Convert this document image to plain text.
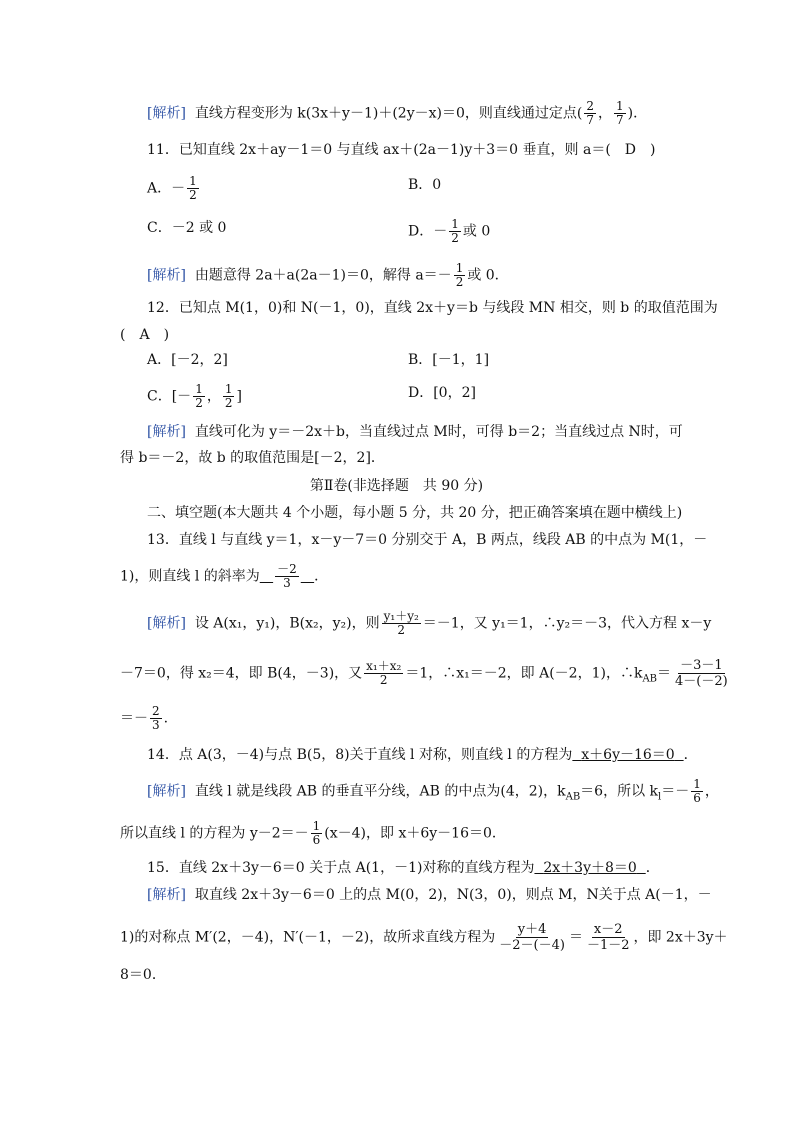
[解析] 直线方程变形为 k(3x＋y－1)＋(2y－x)＝0，则直线通过定点( $\frac{2}{7}$ ， $\frac{1}{7}$ )．
11．已知直线 2x＋ay－1＝0 与直线 ax＋(2a－1)y＋3＝0 垂直，则 a＝(　D　)
A．－ $\frac{1}{2}$	B．0
C．－2 或 0	D．－ $\frac{1}{2}$ 或 0
[解析] 由题意得 2a＋a(2a－1)＝0，解得 $a=- \frac{1}{2}$ 或 0．
12．已知点 M(1，0)和 N(－1，0)，直线 2x＋y＝b 与线段 MN 相交，则 b 的取值范围为
(　A　)
A．[－2，2]	B．[－1，1]
C．[－ $\frac{1}{2}$ ， $\frac{1}{2}$ ]	D．[0，2]
[解析] 直线可化为 y＝－2x＋b，当直线过点 M时，可得 b＝2；当直线过点 N时，可
得 b＝－2，故 b 的取值范围是[－2，2]．
第Ⅱ卷(非选择题　共 90 分)
二、填空题(本大题共 4 个小题，每小题 5 分，共 20 分，把正确答案填在题中横线上)
13．直线 l 与直线 y＝1，x－y－7＝0 分别交于 A，B 两点，线段 AB 的中点为 M(1，－
1)，则直线 l 的斜率为 $\frac{-2}{3}$ ．
[解析] 设 A(x₁，y₁)，B(x₂，y₂)，则 $\frac{\text{y₁＋y₂}}{2} =-1$，又 y₁＝1，∴y₂＝－3，代入方程 x－y
－7＝0，得 x₂＝4，即 B(4，－3)，又 $\frac{\text{x₁＋x₂}}{2} =1$，∴x₁＝－2，即 A(－2，1)，$\therefore k_{AB}= \frac{-3-1}{4-(-2)}$
＝－ $\frac{2}{3}$ .
14．点 A(3，－4)与点 B(5，8)关于直线 l 对称，则直线 l 的方程为 x＋6y－16＝0 ．
[解析] 直线 l 就是线段 AB 的垂直平分线，AB 的中点为(4，2)，$k_{AB}=6$，所以 $k_l=- \frac{1}{6}$ ，
所以直线 l 的方程为 $y-2=- \frac{1}{6} (x-4)$，即 x＋6y－16＝0．
15．直线 2x＋3y－6＝0 关于点 A(1，－1)对称的直线方程为 2x＋3y＋8＝0 ．
[解析] 取直线 2x＋3y－6＝0 上的点 M(0，2)，N(3，0)，则点 M，N关于点 A(－1，－
1)的对称点 M′(2，－4)，N′(－1，－2)，故所求直线方程为 $\frac{y+4}{-2-(-4)} = \frac{x-2}{-1-2}$ ，即 2x＋3y＋
8＝0．
